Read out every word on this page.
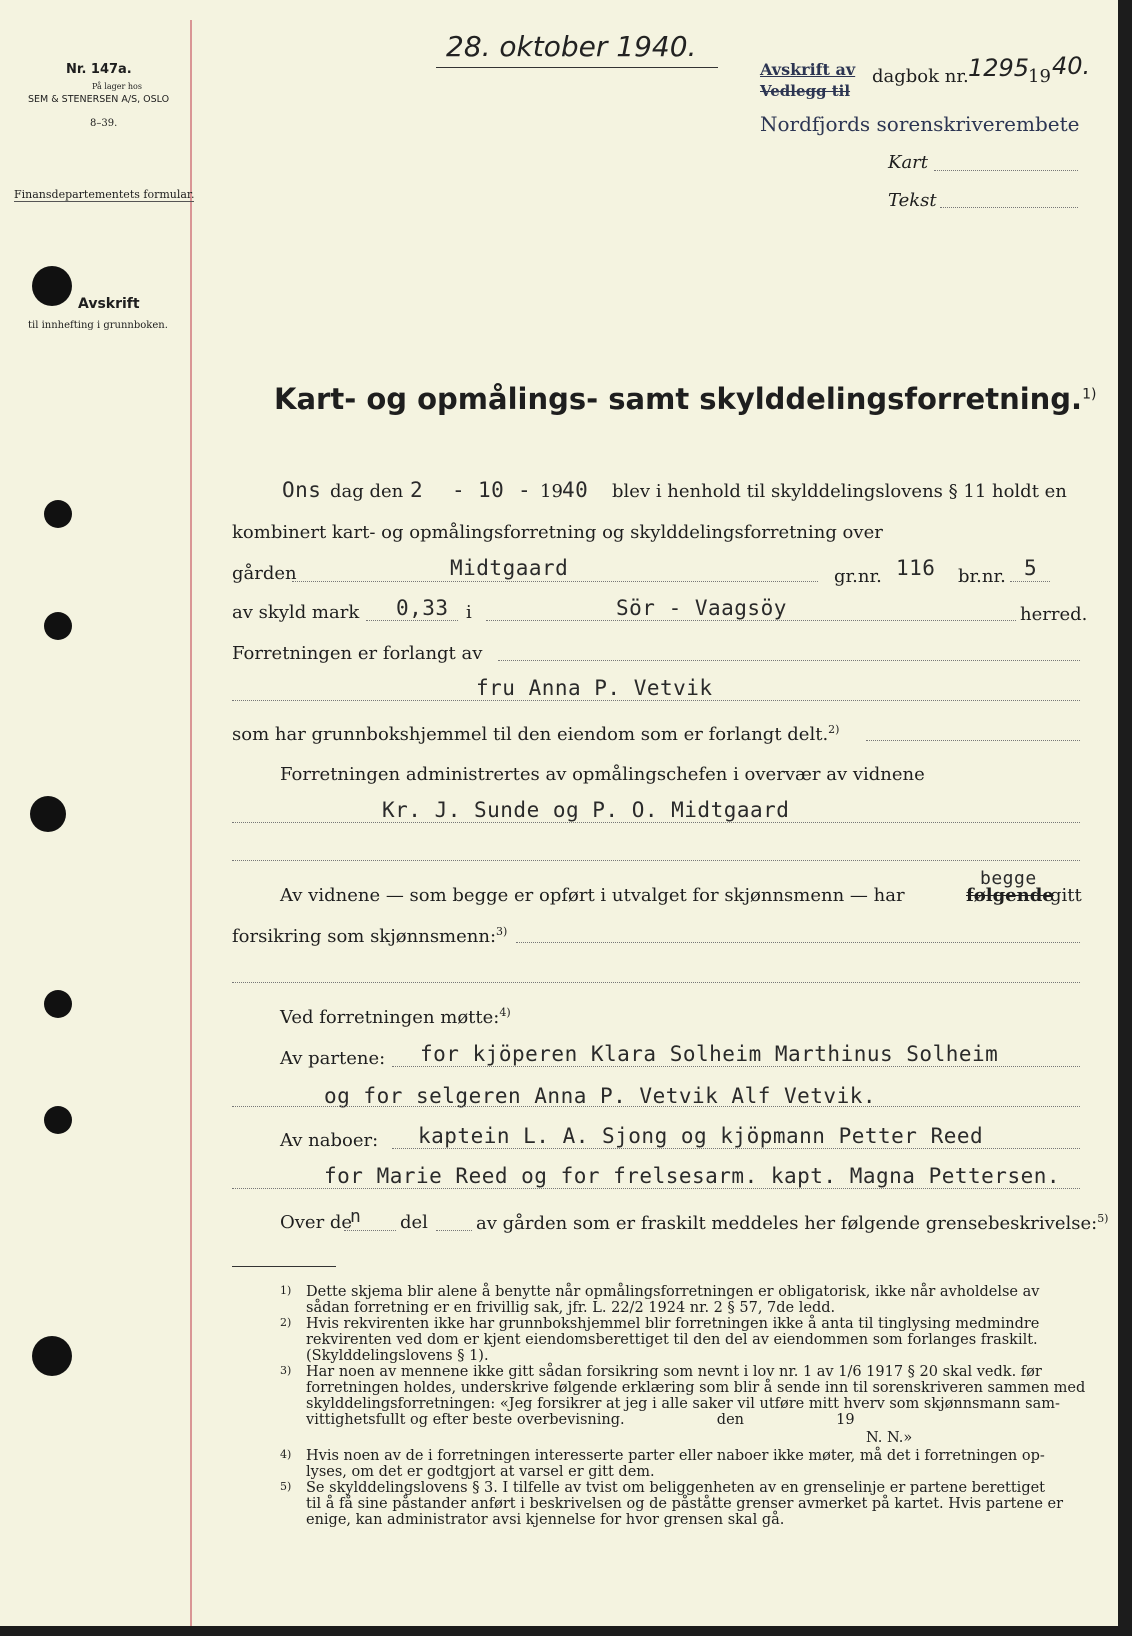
Nr. 147a.
På lager hos
SEM & STENERSEN A/S, OSLO
8–39.
Finansdepartementets formular.
Avskrift
til innhefting i grunnboken.
28. oktober 1940.
Avskrift av
Vedlegg til
dagbok nr. 1295
19 40.
Nordfjords sorenskriverembete
Kart
Tekst
Kart- og opmålings- samt skylddelingsforretning.$^{1)}$
Ons dag den 2 - 10 - 19 40 blev i henhold til skylddelingslovens § 11 holdt en
kombinert kart- og opmålingsforretning og skylddelingsforretning over
gården	Midtgaard	gr.nr. 116 br.nr. 5
av skyld mark 0,33 i	Sör - Vaagsöy	herred.
Forretningen er forlangt av
fru Anna P. Vetvik
som har grunnbokshjemmel til den eiendom som er forlangt delt.$^{2)}$
Forretningen administrertes av opmålingschefen i overvær av vidnene
Kr. J. Sunde og P. O. Midtgaard
Av vidnene — som begge er opført i utvalget for skjønnsmenn — har	følgende
begge
gitt
forsikring som skjønnsmenn:$^{3)}$
Ved forretningen møtte:$^{4)}$
Av partene: for kjöperen Klara Solheim Marthinus Solheim
og for selgeren Anna P. Vetvik Alf Vetvik.
Av naboer: kaptein L. A. Sjong og kjöpmann Petter Reed
for Marie Reed og for frelsesarm. kapt. Magna Pettersen.
Over de
n del	av gården som er fraskilt meddeles her følgende grensebeskrivelse:$^{5)}$
1) Dette skjema blir alene å benytte når opmålingsforretningen er obligatorisk, ikke når avholdelse av
sådan forretning er en frivillig sak, jfr. L. 22/2 1924 nr. 2 § 57, 7de ledd.
2) Hvis rekvirenten ikke har grunnbokshjemmel blir forretningen ikke å anta til tinglysing medmindre
rekvirenten ved dom er kjent eiendomsberettiget til den del av eiendommen som forlanges fraskilt.
(Skylddelingslovens § 1).
3) Har noen av mennene ikke gitt sådan forsikring som nevnt i lov nr. 1 av 1/6 1917 § 20 skal vedk. før
forretningen holdes, underskrive følgende erklæring som blir å sende inn til sorenskriveren sammen med
skylddelingsforretningen: «Jeg forsikrer at jeg i alle saker vil utføre mitt hverv som skjønnsmann sam-
vittighetsfullt og efter beste overbevisning.                    den                    19
N. N.»
4) Hvis noen av de i forretningen interesserte parter eller naboer ikke møter, må det i forretningen op-
lyses, om det er godtgjort at varsel er gitt dem.
5) Se skylddelingslovens § 3. I tilfelle av tvist om beliggenheten av en grenselinje er partene berettiget
til å få sine påstander anført i beskrivelsen og de påståtte grenser avmerket på kartet. Hvis partene er
enige, kan administrator avsi kjennelse for hvor grensen skal gå.
